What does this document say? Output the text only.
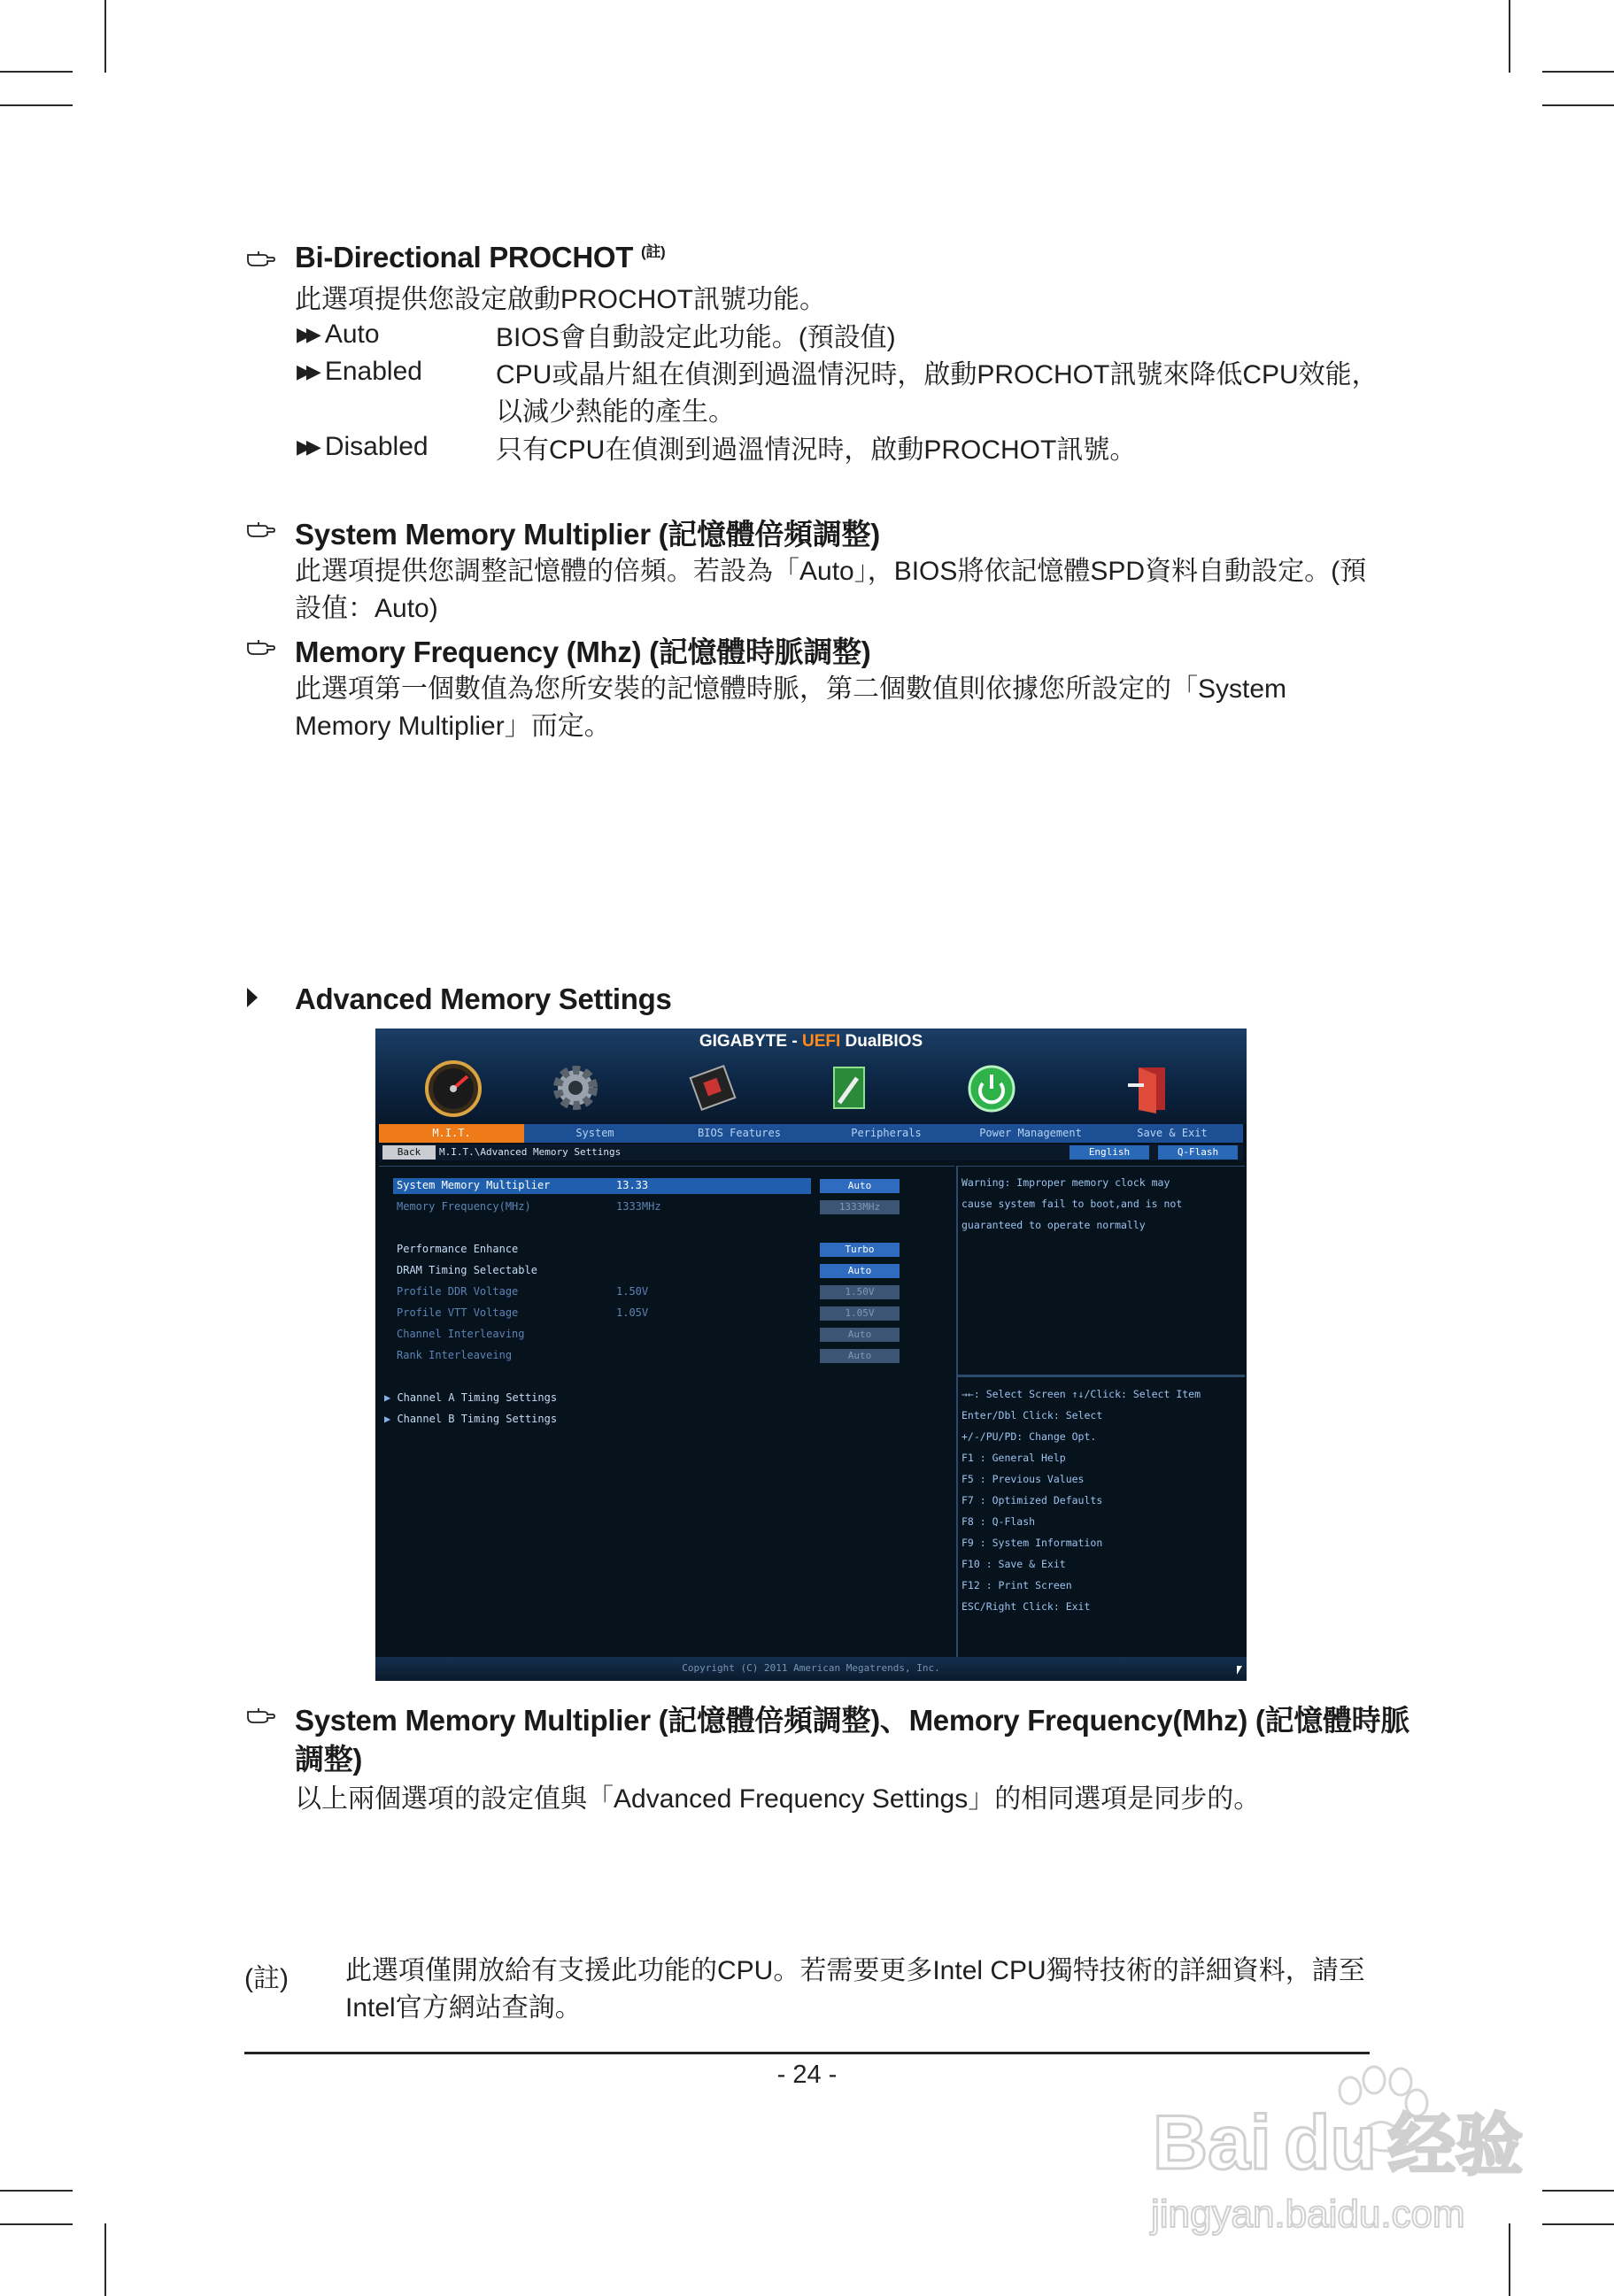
Bi-Directional PROCHOT $^{(註)}$
此選項提供您設定啟動PROCHOT訊號功能。
▶▶ Auto	BIOS會自動設定此功能。(預設值)
▶▶ Enabled	CPU或晶片組在偵測到過溫情況時，啟動PROCHOT訊號來降低CPU效能，以減少熱能的產生。
▶▶ Disabled	只有CPU在偵測到過溫情況時，啟動PROCHOT訊號。
System Memory Multiplier (記憶體倍頻調整)
此選項提供您調整記憶體的倍頻。若設為「Auto」，BIOS將依記憶體SPD資料自動設定。(預設值：Auto)
Memory Frequency (Mhz) (記憶體時脈調整)
此選項第一個數值為您所安裝的記憶體時脈，第二個數值則依據您所設定的「System Memory Multiplier」而定。
Advanced Memory Settings
GIGABYTE - UEFI DualBIOS
M.I.T.	System	BIOS Features	Peripherals	Power Management	Save & Exit
Back	M.I.T.\Advanced Memory Settings	English	Q-Flash
System Memory Multiplier	13.33	Auto
Memory Frequency(MHz)	1333MHz	1333MHz
Performance Enhance	Turbo
DRAM Timing Selectable	Auto
Profile DDR Voltage	1.50V	1.50V
Profile VTT Voltage	1.05V	1.05V
Channel Interleaving	Auto
Rank Interleaveing	Auto
▶ Channel A Timing Settings
▶ Channel B Timing Settings
Warning: Improper memory clock may
cause system fail to boot,and is not
guaranteed to operate normally
→←: Select Screen ↑↓/Click: Select Item
Enter/Dbl Click: Select
+/-/PU/PD: Change Opt.
F1 : General Help
F5 : Previous Values
F7 : Optimized Defaults
F8 : Q-Flash
F9 : System Information
F10 : Save & Exit
F12 : Print Screen
ESC/Right Click: Exit
Copyright (C) 2011 American Megatrends, Inc.
System Memory Multiplier (記憶體倍頻調整)、Memory Frequency(Mhz) (記憶體時脈
調整)
以上兩個選項的設定值與「Advanced Frequency Settings」的相同選項是同步的。
(註) 此選項僅開放給有支援此功能的CPU。若需要更多Intel CPU獨特技術的詳細資料，請至Intel官方網站查詢。
- 24 -
Bai du 经验
jingyan.baidu.com
